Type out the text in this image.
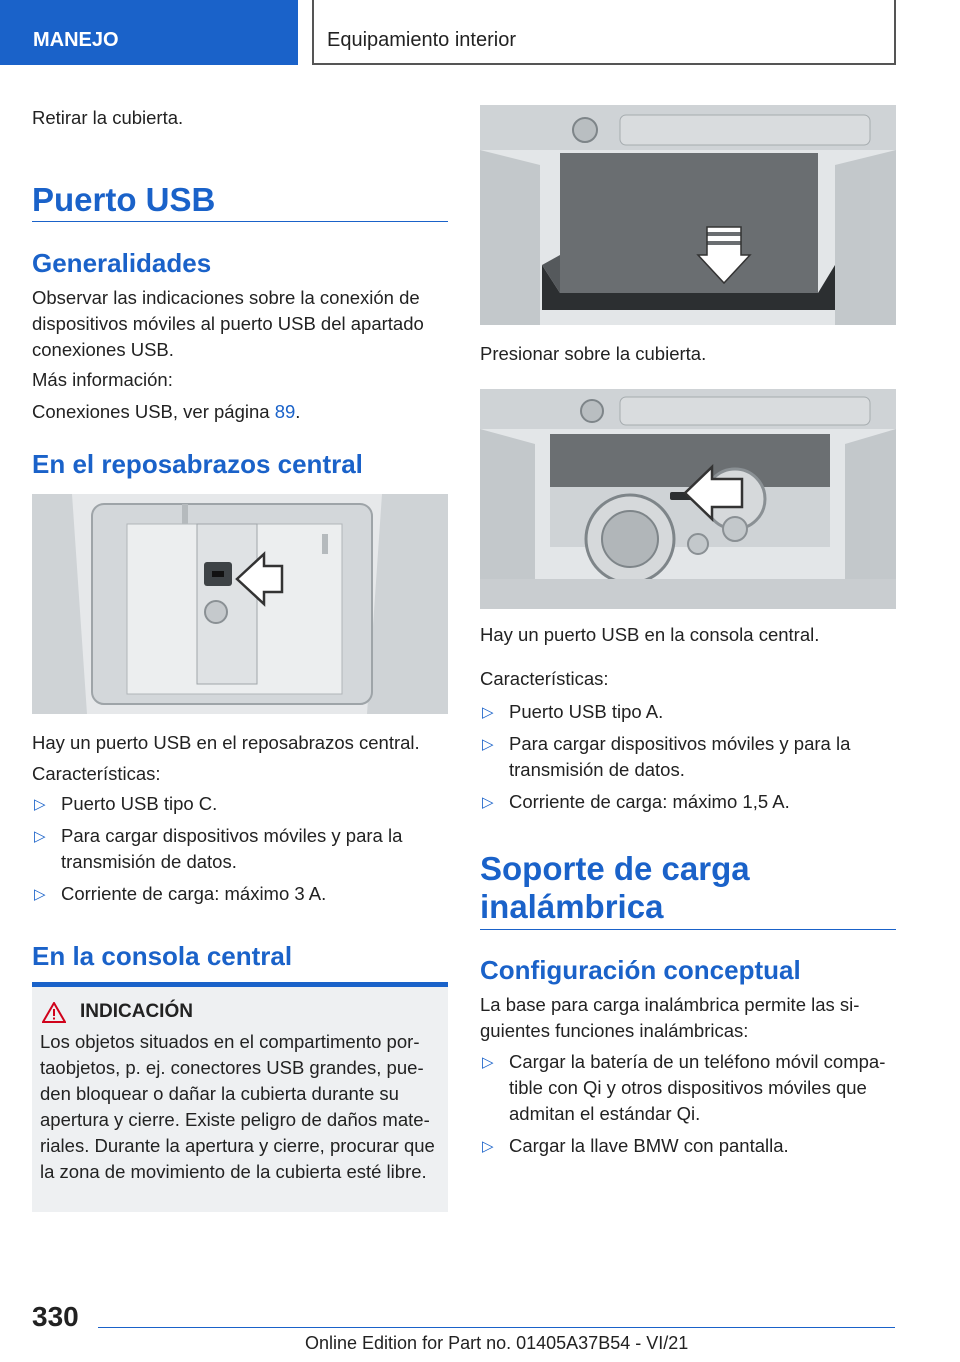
MANEJO	Equipamiento interior
Retirar la cubierta.
Puerto USB
Generalidades
Observar las indicaciones sobre la conexión de dispositivos móviles al puerto USB del apartado conexiones USB.
Más información:
Conexiones USB, ver página 89.
En el reposabrazos central
Hay un puerto USB en el reposabrazos central.
Características:
▷ Puerto USB tipo C.
▷ Para cargar dispositivos móviles y para la transmisión de datos.
▷ Corriente de carga: máximo 3 A.
En la consola central
INDICACIÓN
Los objetos situados en el compartimento portaobjetos, p. ej. conectores USB grandes, pueden bloquear o dañar la cubierta durante su apertura y cierre. Existe peligro de daños materiales. Durante la apertura y cierre, procurar que la zona de movimiento de la cubierta esté libre.
Presionar sobre la cubierta.
Hay un puerto USB en la consola central.
Características:
▷ Puerto USB tipo A.
▷ Para cargar dispositivos móviles y para la transmisión de datos.
▷ Corriente de carga: máximo 1,5 A.
Soporte de carga inalámbrica
Configuración conceptual
La base para carga inalámbrica permite las siguientes funciones inalámbricas:
▷ Cargar la batería de un teléfono móvil compatible con Qi y otros dispositivos móviles que admitan el estándar Qi.
▷ Cargar la llave BMW con pantalla.
330
Online Edition for Part no. 01405A37B54 - VI/21
